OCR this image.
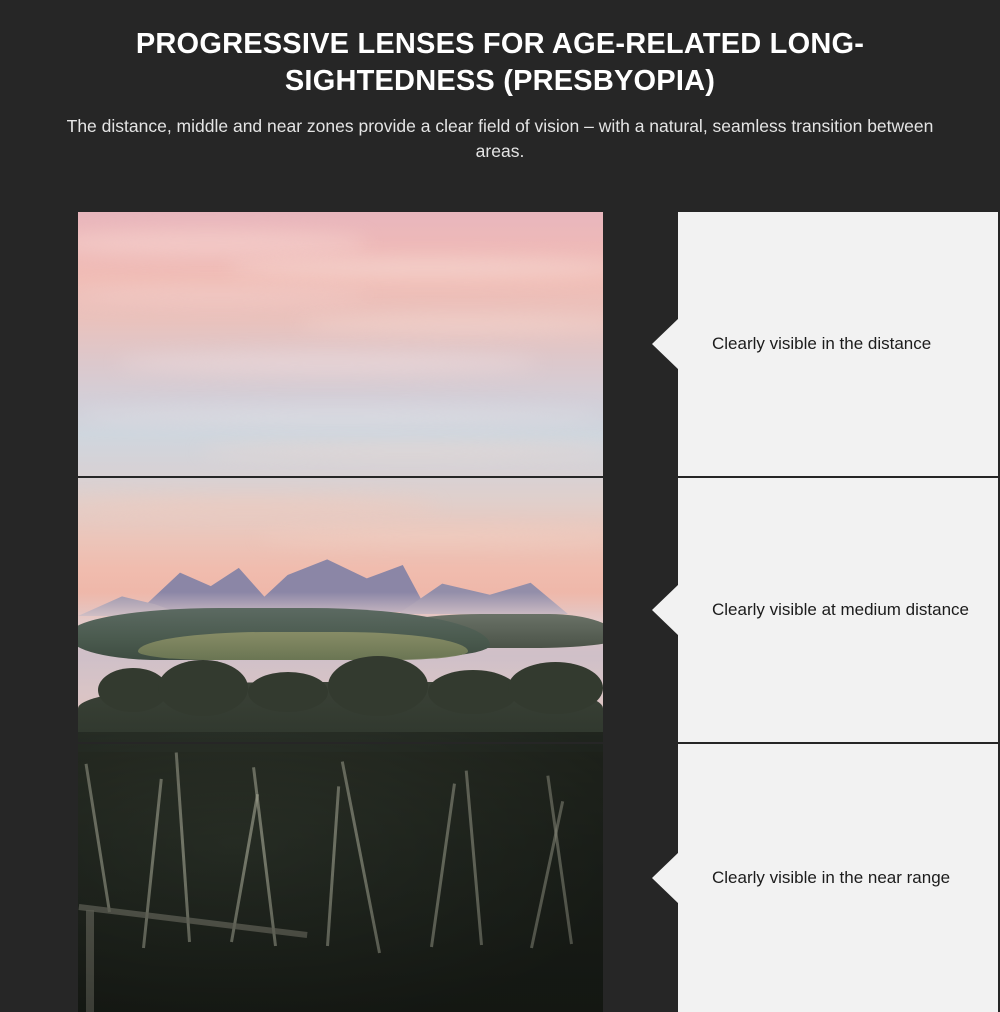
PROGRESSIVE LENSES FOR AGE-RELATED LONG-SIGHTEDNESS (PRESBYOPIA)

The distance, middle and near zones provide a clear field of vision – with a natural, seamless transition between areas.

Clearly visible in the distance
Clearly visible at medium distance
Clearly visible in the near range
